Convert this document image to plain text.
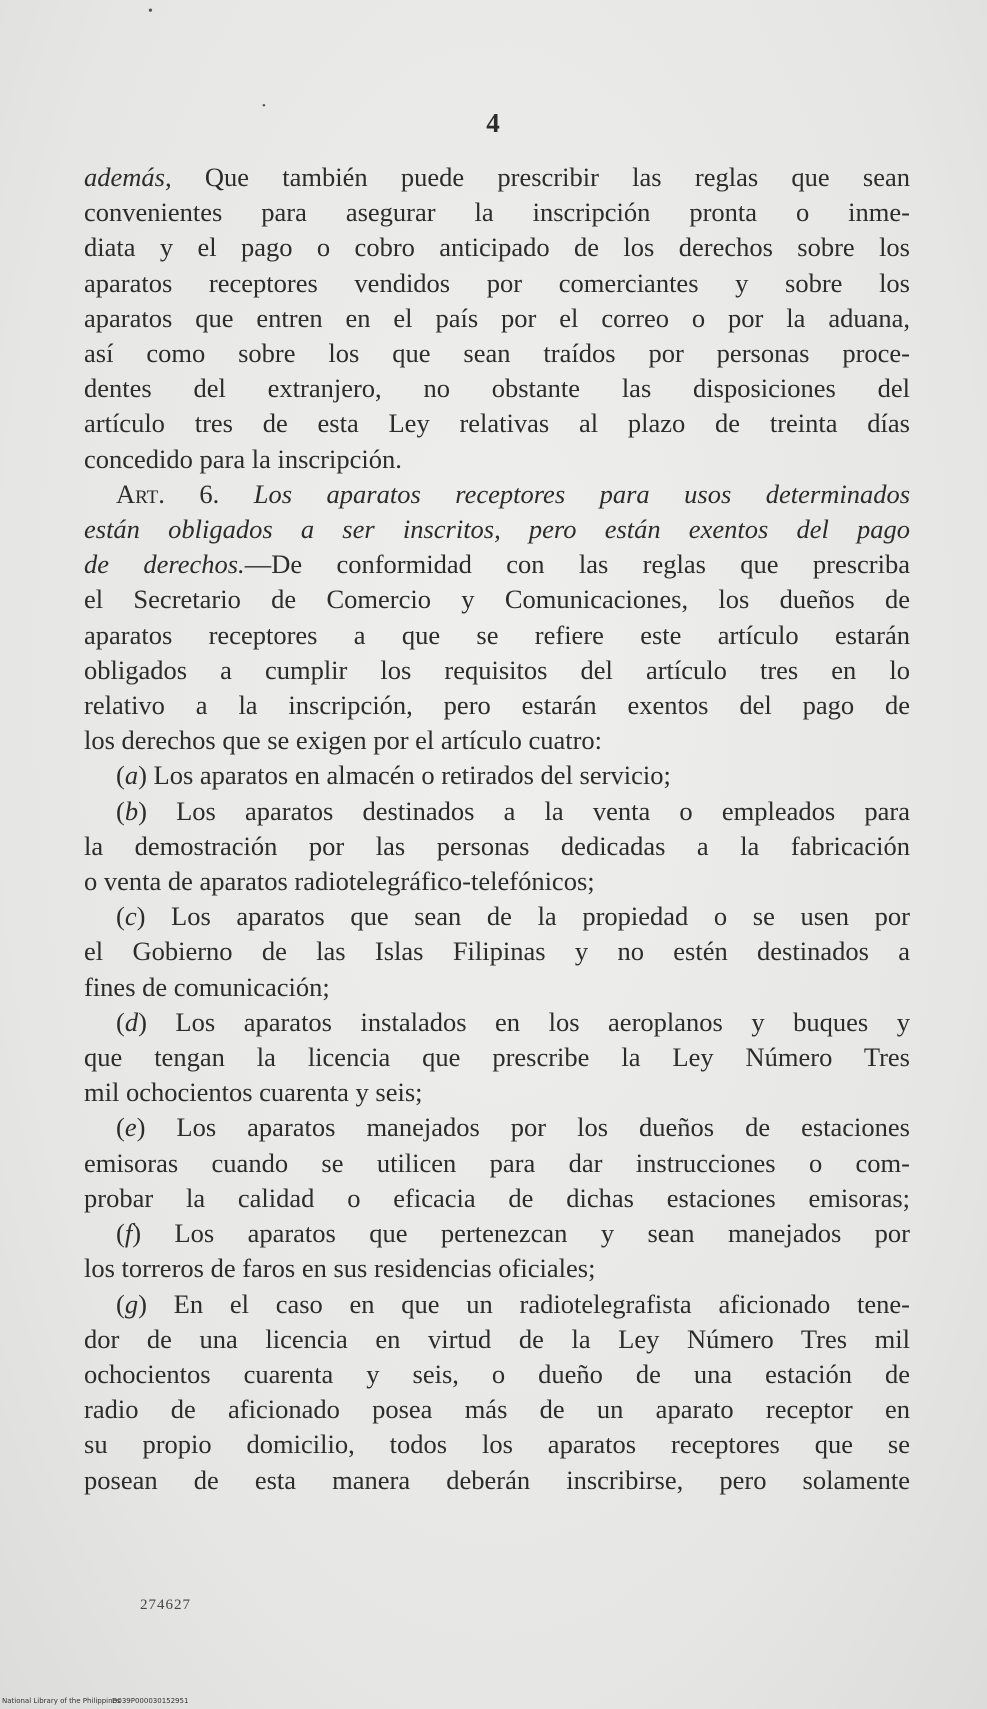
•
•
4
además, Que también puede prescribir las reglas que sean
convenientes para asegurar la inscripción pronta o inme-
diata y el pago o cobro anticipado de los derechos sobre los
aparatos receptores vendidos por comerciantes y sobre los
aparatos que entren en el país por el correo o por la aduana,
así como sobre los que sean traídos por personas proce-
dentes del extranjero, no obstante las disposiciones del
artículo tres de esta Ley relativas al plazo de treinta días
concedido para la inscripción.
Art. 6. Los aparatos receptores para usos determinados
están obligados a ser inscritos, pero están exentos del pago
de derechos.—De conformidad con las reglas que prescriba
el Secretario de Comercio y Comunicaciones, los dueños de
aparatos receptores a que se refiere este artículo estarán
obligados a cumplir los requisitos del artículo tres en lo
relativo a la inscripción, pero estarán exentos del pago de
los derechos que se exigen por el artículo cuatro:
(a) Los aparatos en almacén o retirados del servicio;
(b) Los aparatos destinados a la venta o empleados para
la demostración por las personas dedicadas a la fabricación
o venta de aparatos radiotelegráfico-telefónicos;
(c) Los aparatos que sean de la propiedad o se usen por
el Gobierno de las Islas Filipinas y no estén destinados a
fines de comunicación;
(d) Los aparatos instalados en los aeroplanos y buques y
que tengan la licencia que prescribe la Ley Número Tres
mil ochocientos cuarenta y seis;
(e) Los aparatos manejados por los dueños de estaciones
emisoras cuando se utilicen para dar instrucciones o com-
probar la calidad o eficacia de dichas estaciones emisoras;
(f) Los aparatos que pertenezcan y sean manejados por
los torreros de faros en sus residencias oficiales;
(g) En el caso en que un radiotelegrafista aficionado tene-
dor de una licencia en virtud de la Ley Número Tres mil
ochocientos cuarenta y seis, o dueño de una estación de
radio de aficionado posea más de un aparato receptor en
su propio domicilio, todos los aparatos receptores que se
posean de esta manera deberán inscribirse, pero solamente
274627
National Library of the Philippines
D039P000030152951
